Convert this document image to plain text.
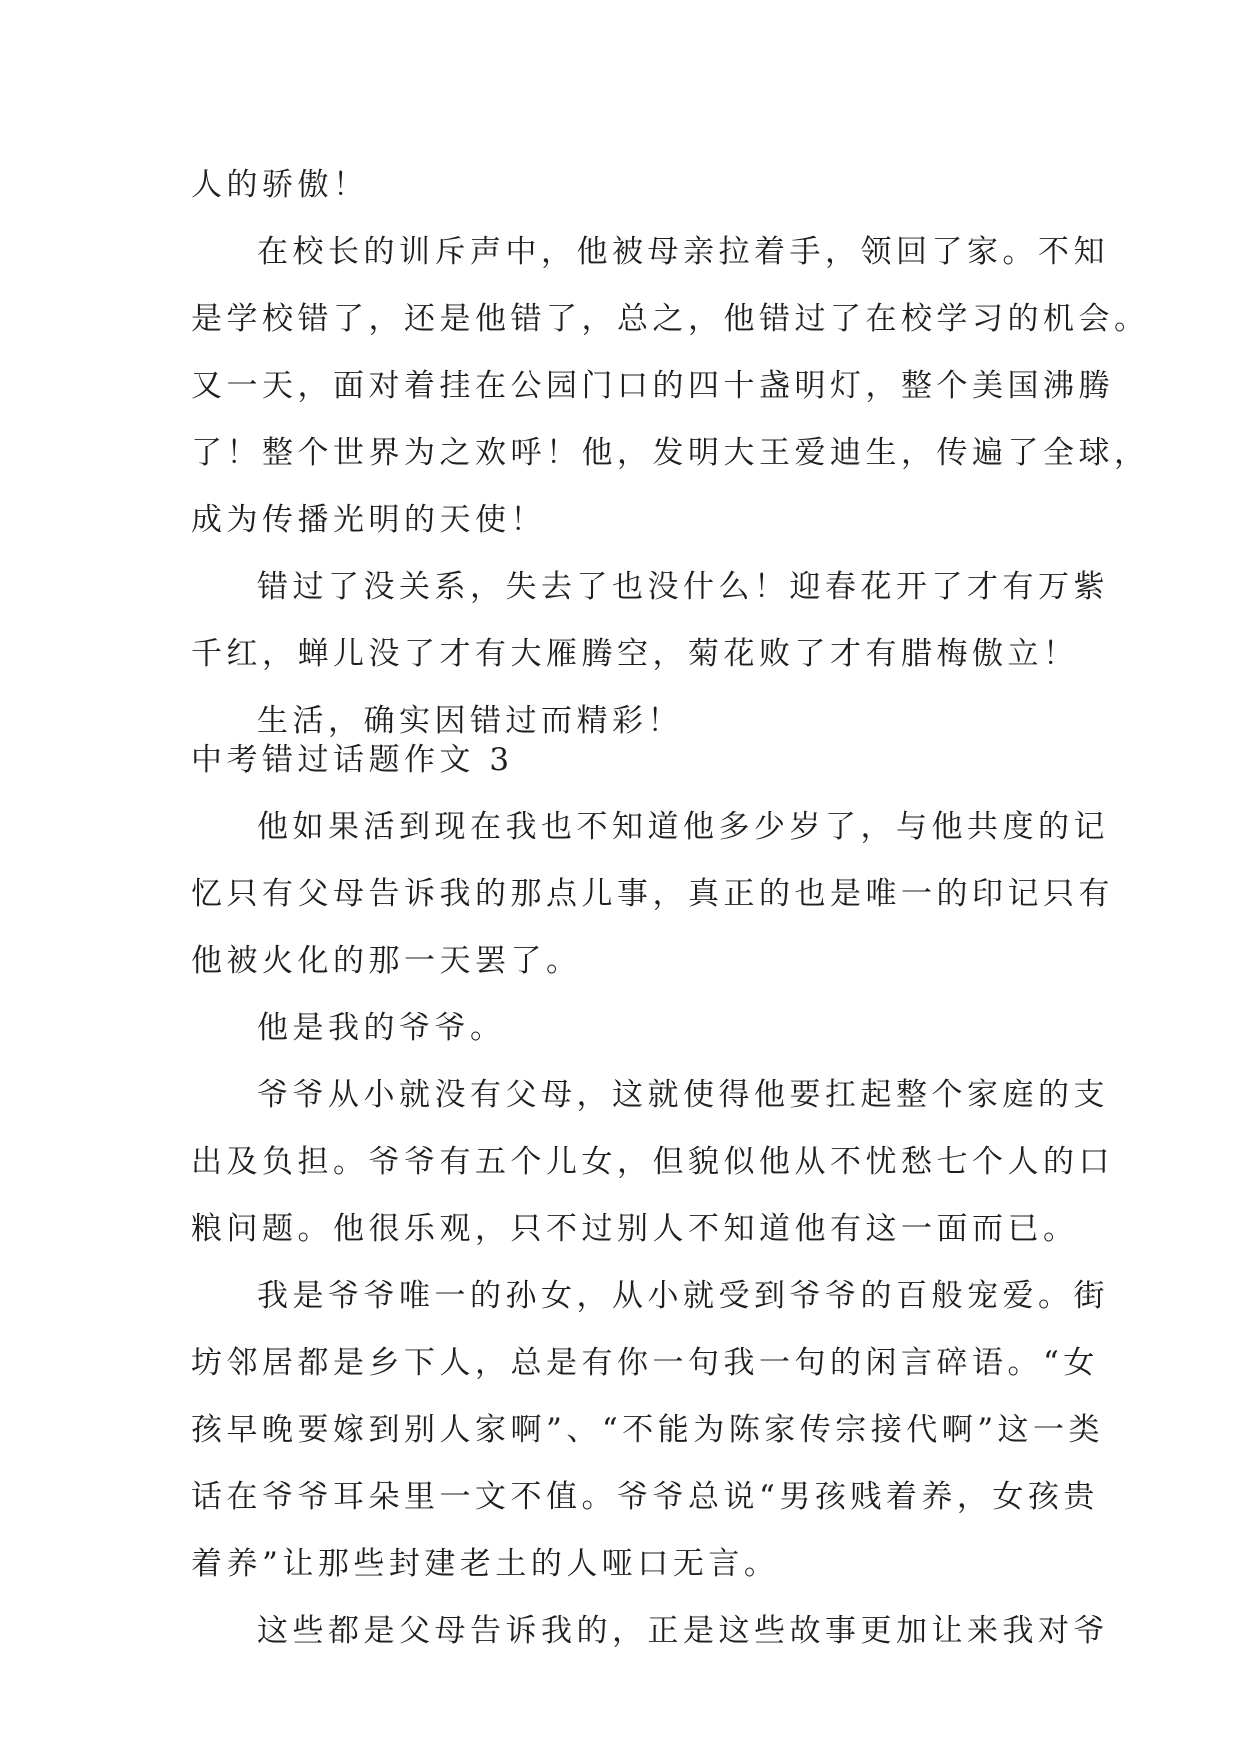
人的骄傲！
在校长的训斥声中，他被母亲拉着手，领回了家。不知
是学校错了，还是他错了，总之，他错过了在校学习的机会。
又一天，面对着挂在公园门口的四十盏明灯，整个美国沸腾
了！整个世界为之欢呼！他，发明大王爱迪生，传遍了全球，
成为传播光明的天使！
错过了没关系，失去了也没什么！迎春花开了才有万紫
千红，蝉儿没了才有大雁腾空，菊花败了才有腊梅傲立！
生活，确实因错过而精彩！
中考错过话题作文 3
他如果活到现在我也不知道他多少岁了，与他共度的记
忆只有父母告诉我的那点儿事，真正的也是唯一的印记只有
他被火化的那一天罢了。
他是我的爷爷。
爷爷从小就没有父母，这就使得他要扛起整个家庭的支
出及负担。爷爷有五个儿女，但貌似他从不忧愁七个人的口
粮问题。他很乐观，只不过别人不知道他有这一面而已。
我是爷爷唯一的孙女，从小就受到爷爷的百般宠爱。街
坊邻居都是乡下人，总是有你一句我一句的闲言碎语。“女
孩早晚要嫁到别人家啊”、“不能为陈家传宗接代啊”这一类
话在爷爷耳朵里一文不值。爷爷总说“男孩贱着养，女孩贵
着养”让那些封建老土的人哑口无言。
这些都是父母告诉我的，正是这些故事更加让来我对爷
